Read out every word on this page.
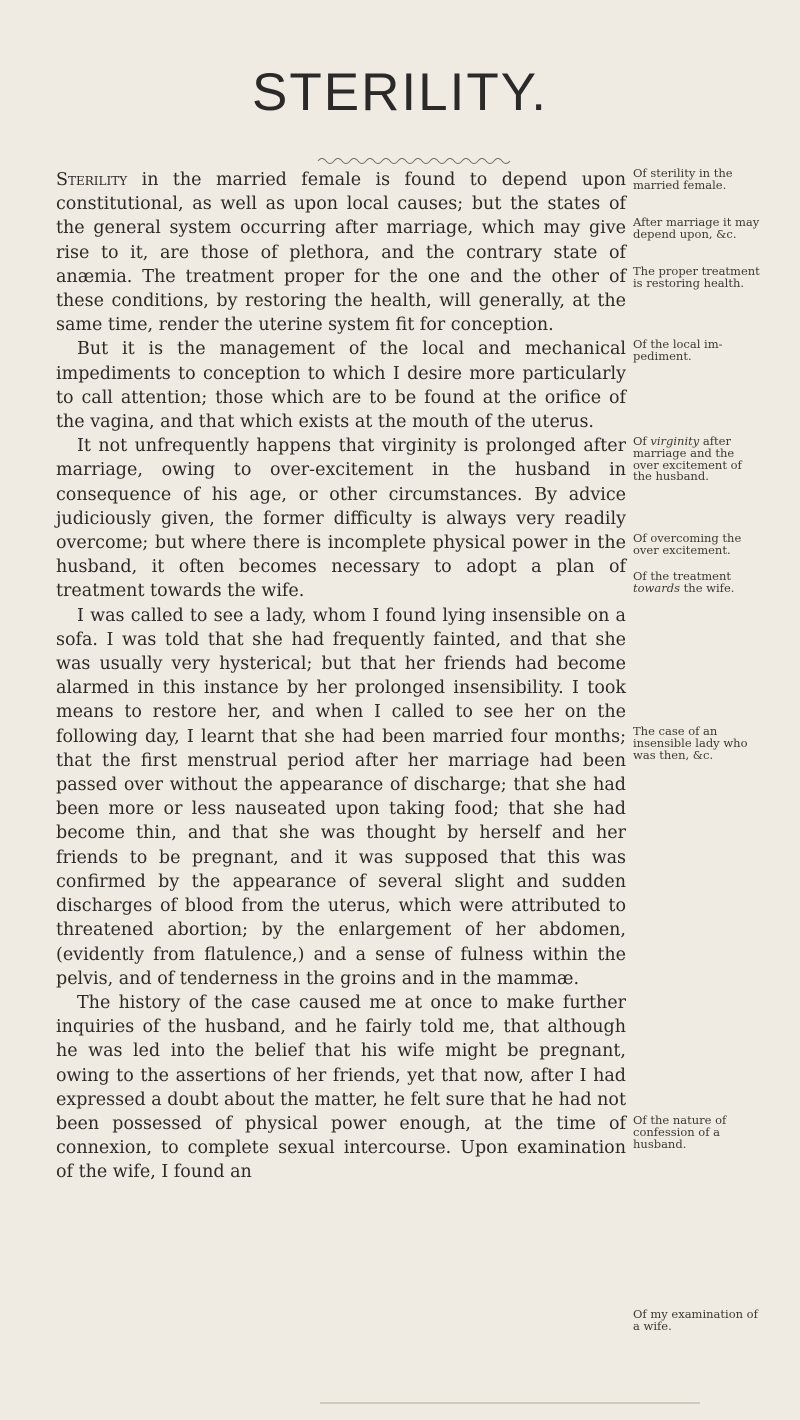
STERILITY.

Sterility in the married female is found to depend upon constitutional, as well as upon local causes; but the states of the general system occurring after marriage, which may give rise to it, are those of plethora, and the contrary state of anæmia. The treatment proper for the one and the other of these conditions, by restoring the health, will generally, at the same time, render the uterine system fit for conception.

But it is the management of the local and mechanical impediments to conception to which I desire more particularly to call attention; those which are to be found at the orifice of the vagina, and that which exists at the mouth of the uterus.

It not unfrequently happens that virginity is prolonged after marriage, owing to over-excitement in the husband in consequence of his age, or other circumstances. By advice judiciously given, the former difficulty is always very readily overcome; but where there is incomplete physical power in the husband, it often becomes necessary to adopt a plan of treatment towards the wife.

I was called to see a lady, whom I found lying insensible on a sofa. I was told that she had frequently fainted, and that she was usually very hysterical; but that her friends had become alarmed in this instance by her prolonged insensibility. I took means to restore her, and when I called to see her on the following day, I learnt that she had been married four months; that the first menstrual period after her marriage had been passed over without the appearance of discharge; that she had been more or less nauseated upon taking food; that she had become thin, and that she was thought by herself and her friends to be pregnant, and it was supposed that this was confirmed by the appearance of several slight and sudden discharges of blood from the uterus, which were attributed to threatened abortion; by the enlargement of her abdomen, (evidently from flatulence,) and a sense of fulness within the pelvis, and of tenderness in the groins and in the mammæ.

The history of the case caused me at once to make further inquiries of the husband, and he fairly told me, that although he was led into the belief that his wife might be pregnant, owing to the assertions of her friends, yet that now, after I had expressed a doubt about the matter, he felt sure that he had not been possessed of physical power enough, at the time of connexion, to complete sexual intercourse. Upon examination of the wife, I found an

Of sterility in the married female.
After marriage it may depend upon, &c.
The proper treatment is restoring health.
Of the local impediment.
Of virginity after marriage and the over excitement of the husband.
Of overcoming the over excitement.
Of the treatment towards the wife.
The case of an insensible lady who was then, &c.
Of the nature of confession of a husband.
Of my examination of a wife.
